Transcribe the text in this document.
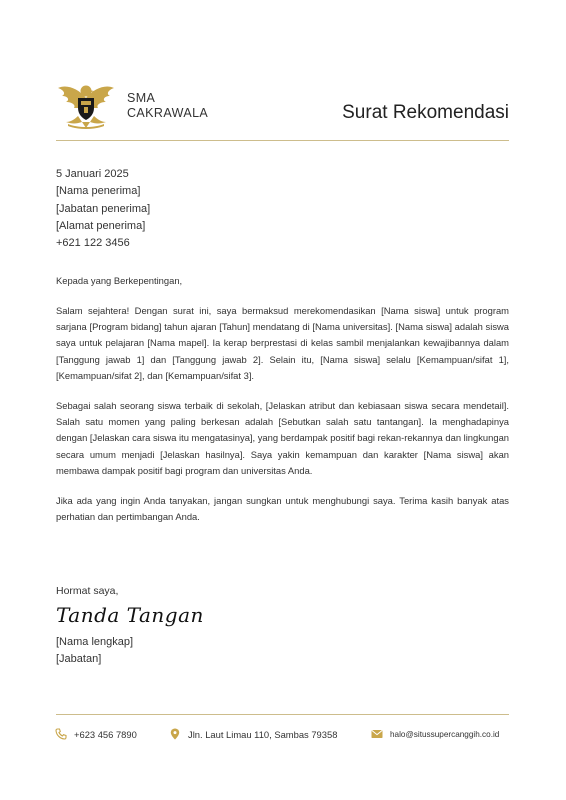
SMA
CAKRAWALA	Surat Rekomendasi
5 Januari 2025
[Nama penerima]
[Jabatan penerima]
[Alamat penerima]
+621 122 3456
Kepada yang Berkepentingan,
Salam sejahtera! Dengan surat ini, saya bermaksud merekomendasikan [Nama siswa] untuk program sarjana [Program bidang] tahun ajaran [Tahun] mendatang di [Nama universitas]. [Nama siswa] adalah siswa saya untuk pelajaran [Nama mapel]. Ia kerap berprestasi di kelas sambil menjalankan kewajibannya dalam [Tanggung jawab 1] dan [Tanggung jawab 2]. Selain itu, [Nama siswa] selalu [Kemampuan/sifat 1], [Kemampuan/sifat 2], dan [Kemampuan/sifat 3].
Sebagai salah seorang siswa terbaik di sekolah, [Jelaskan atribut dan kebiasaan siswa secara mendetail]. Salah satu momen yang paling berkesan adalah [Sebutkan salah satu tantangan]. Ia menghadapinya dengan [Jelaskan cara siswa itu mengatasinya], yang berdampak positif bagi rekan-rekannya dan lingkungan secara umum menjadi [Jelaskan hasilnya]. Saya yakin kemampuan dan karakter [Nama siswa] akan membawa dampak positif bagi program dan universitas Anda.
Jika ada yang ingin Anda tanyakan, jangan sungkan untuk menghubungi saya. Terima kasih banyak atas perhatian dan pertimbangan Anda.
Hormat saya,
Tanda Tangan
[Nama lengkap]
[Jabatan]
+623 456 7890	Jln. Laut Limau 110, Sambas 79358	halo@situssupercanggih.co.id
